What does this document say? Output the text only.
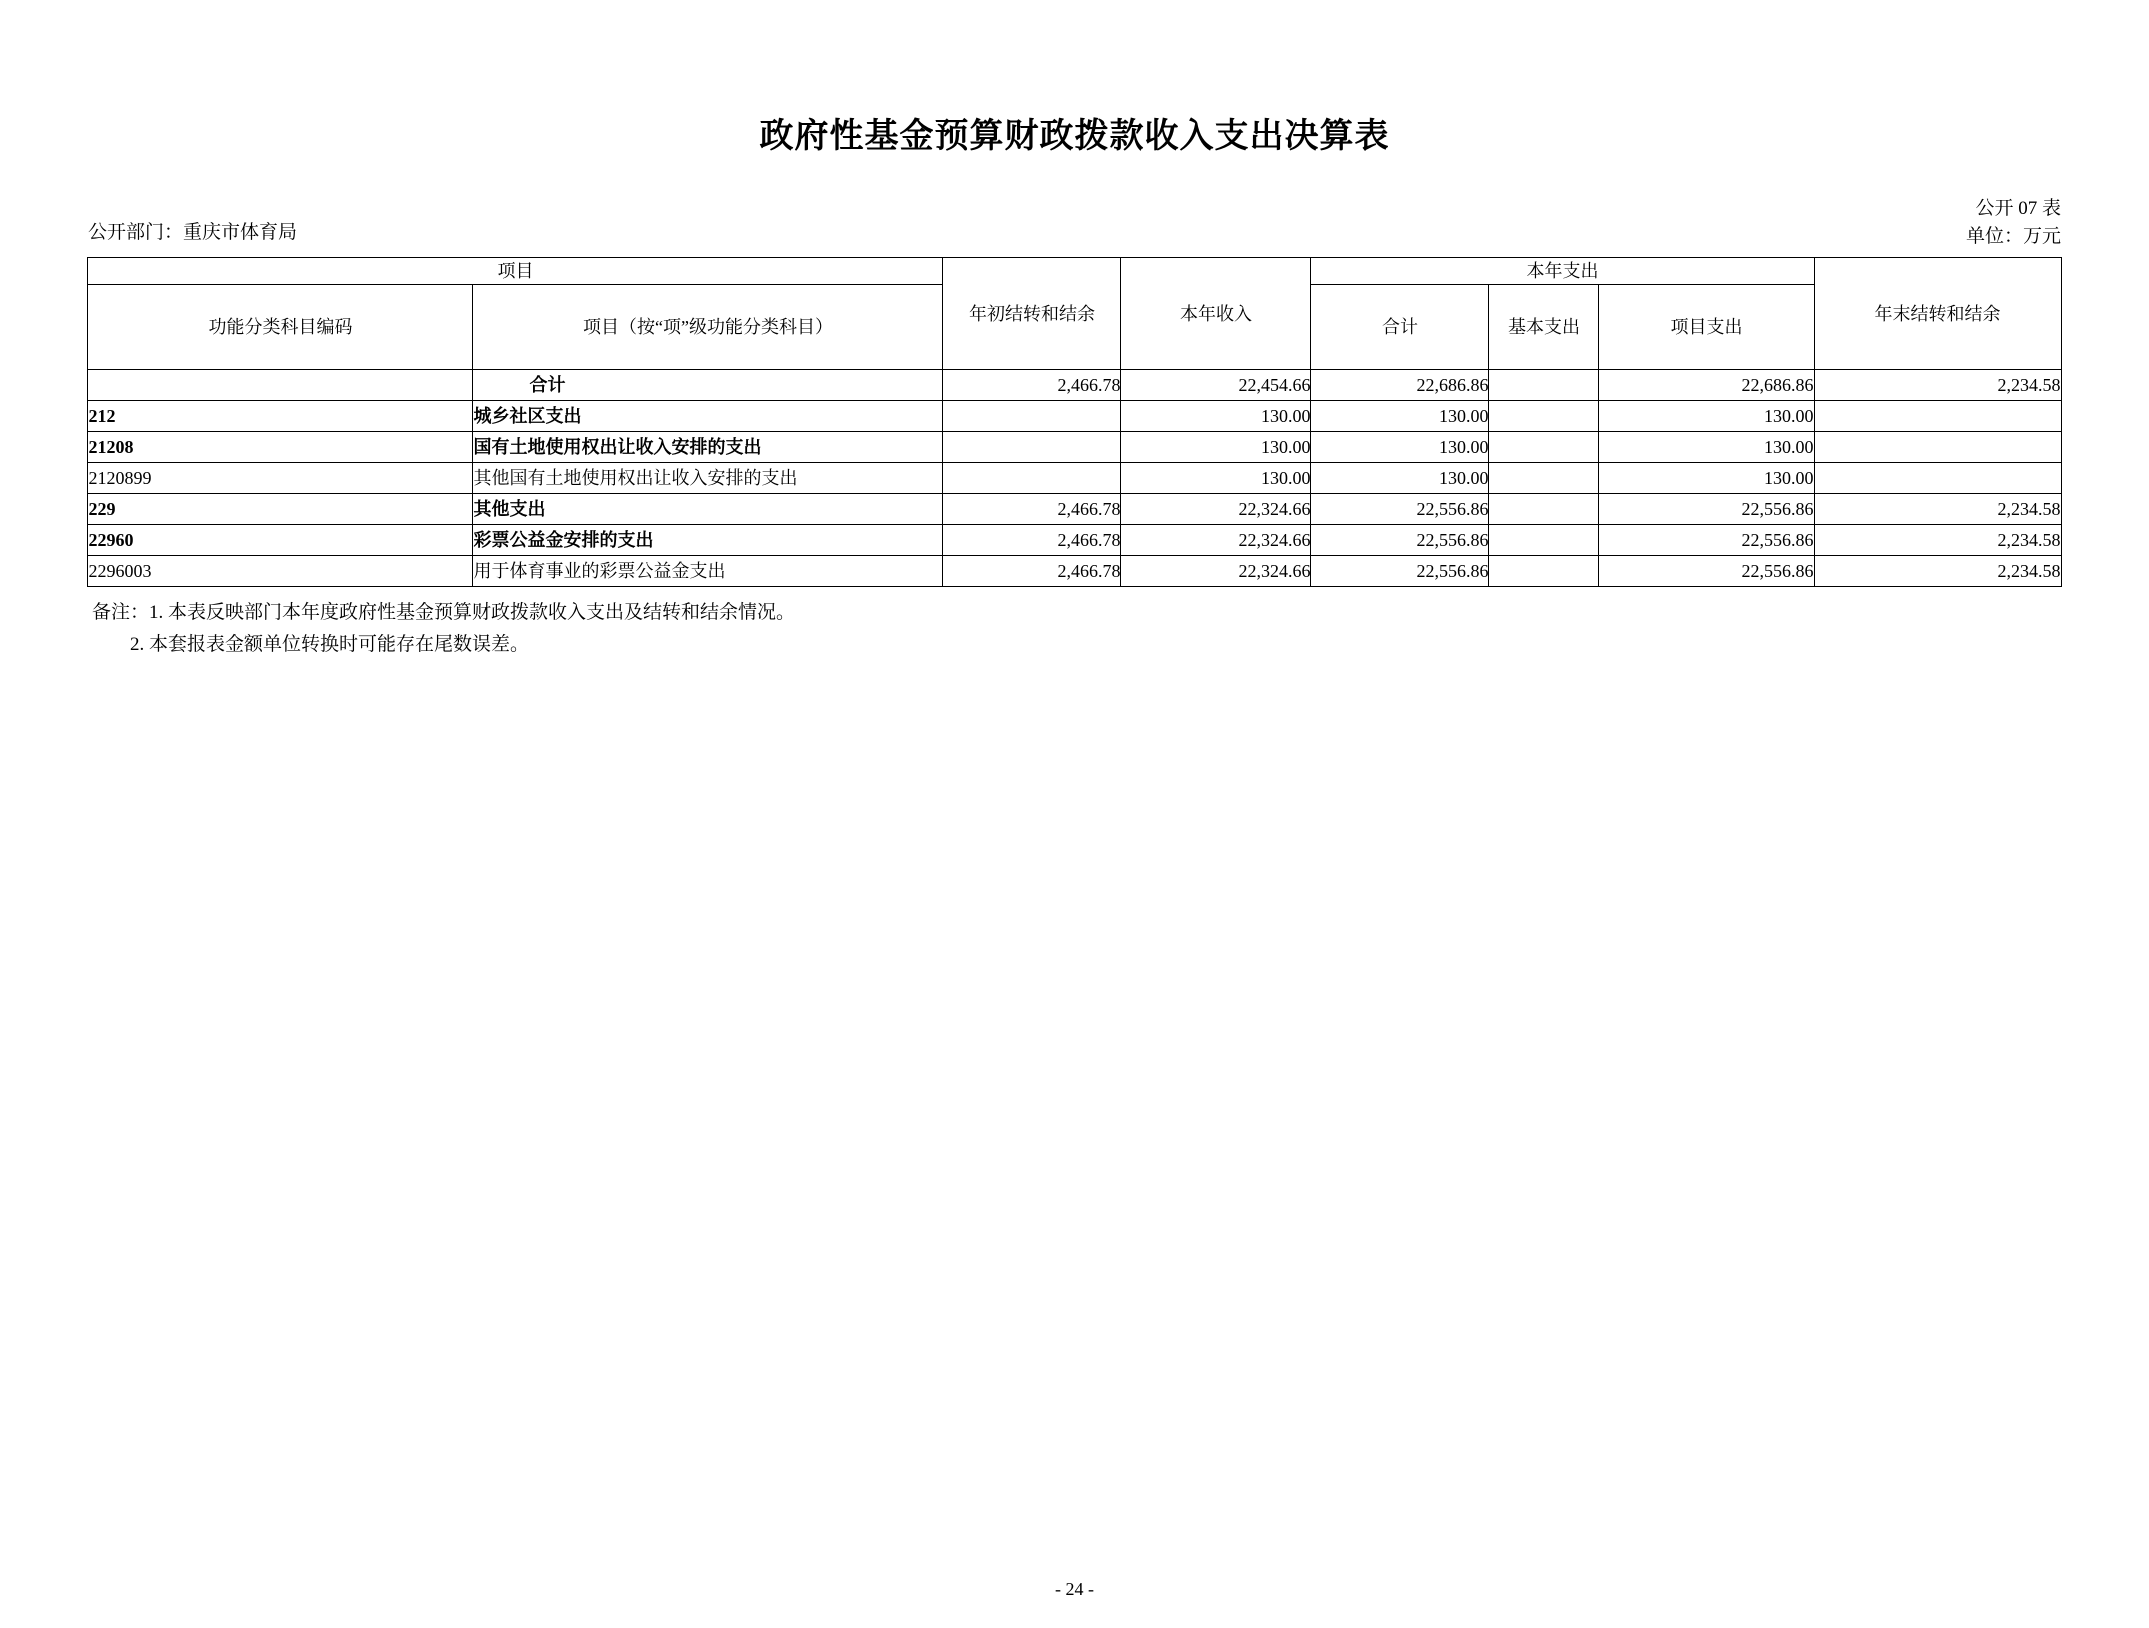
政府性基金预算财政拨款收入支出决算表
公开部门：重庆市体育局
公开 07 表
单位：万元
项目		年初结转和结余	本年收入	本年支出			年末结转和结余
功能分类科目编码	项目（按“项”级功能分类科目）			合计	基本支出	项目支出	
	合计	2,466.78	22,454.66	22,686.86		22,686.86	2,234.58
212	城乡社区支出		130.00	130.00		130.00	
21208	国有土地使用权出让收入安排的支出		130.00	130.00		130.00	
2120899	其他国有土地使用权出让收入安排的支出		130.00	130.00		130.00	
229	其他支出	2,466.78	22,324.66	22,556.86		22,556.86	2,234.58
22960	彩票公益金安排的支出	2,466.78	22,324.66	22,556.86		22,556.86	2,234.58
2296003	用于体育事业的彩票公益金支出	2,466.78	22,324.66	22,556.86		22,556.86	2,234.58
备注：1. 本表反映部门本年度政府性基金预算财政拨款收入支出及结转和结余情况。
2. 本套报表金额单位转换时可能存在尾数误差。
- 24 -
